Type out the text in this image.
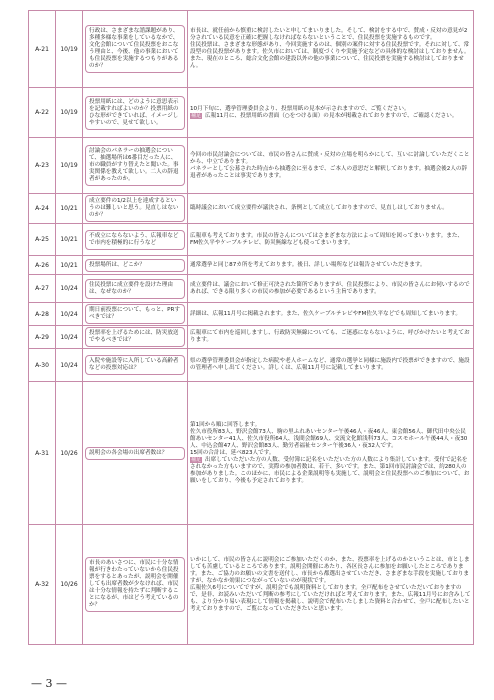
A-21	10/19	行政は、さまざまな諮課題があり、多種多様な事業をしているなかで、文化会館について住民投票をおこなう理由と、今後、他の事業においても住民投票を実施するつもりがあるのか？	市長は、就任前から慎重に検討したいと申してまいりました。そして、検討をする中で、賛成・反対の意見が2分されている民意を正確に把握しなければならないということで、住民投票を実施するものです。
住民投票は、さまざまな形態があり、今回実施するのは、個別の案件に対する住民投票です。それに対して、常設型の住民投票があります。佐久市においては、制度づくりや実施予定などの具体的な検討はしておりません。
また、現在のところ、総合文化会館の建設以外の他の事業について、住民投票を実施する検討はしておりません。

A-22	10/19	投票用紙には、どのように意思表示を記載すればよいのか？投票用紙のひな形ができていれば、イメージしやすいので、見せて欲しい。	10月下旬に、選挙管理委員会より、投票用紙の見本が示されますので、ご覧ください。
補足 広報11月に、投票用紙の書面（○をつける面）の見本が掲載されておりますので、ご確認ください。

A-23	10/19	討論会のパネラーの抽選会について、抽選場所は6番目だった人に、市の職員がすり替えたと聞いた。事実関係を教えて欲しい。二人の辞退者があったのか。	今回の市民討論会については、市民の皆さんに賛成・反対の立場を明らかにして、互いに討論していただくことから、中立であります。
パネラーとして公募された時点から抽選会に至るまで、ご本人の意思だと解釈しております。抽選会後2人の辞退者があったことは事実であります。

A-24	10/21	成立要件の1/2以上を達成するというのは難しいと思う。見直しはないのか？	臨時議会において成立要件が議決され、条例として成立しておりますので、見直しはしておりません。

A-25	10/21	不成立にならないよう、広報車などで市内を積極的に行うなど	広報車も考えております。市民の皆さんについてはさまざまな方法によって周知を図ってまいります。また、FM佐久平やケーブルテレビ、防災無線なども使ってまいります。

A-26	10/21	投票場所は、どこか？	通常選挙と同じ87カ所を考えております。後日、詳しい場所などは報告させていただきます。

A-27	10/24	住民投票に成立要件を設けた理由は、なぜなのか？	成立要件は、議会において修正可決された箇所でありますが、住民投票により、市民の皆さんにお伺いするのであれば、できる限り多くの市民の参加が必要であるという主旨であります。

A-28	10/24	期日前投票について、もっと、PRすべきでは？	詳細は、広報11月号に掲載されます。また、佐久ケーブルテレビやFM佐久平などでも周知してまいります。

A-29	10/24	投票率を上げるためには、防災放送でやるべきでは？	広報車にて市内を巡回しますし、行政防災無線についても、ご迷惑にならないように、呼びかけたいと考えております。

A-30	10/24	入院や施設等に入所している高齢者などの投票対応は？	県の選挙管理委員会が指定した病院や老人ホームなど、通常の選挙と同様に施設内で投票ができますので、施設の管理者へ申し出てください。詳しくは、広報11月号に記載してまいります。

A-31	10/26	説明会の各会場の出席者数は？	第1回から順に回答します。
佐久市役所83人、野沢会館73人、駒の里ふれあいセンター午後46人・夜46人、東会館56人、御代田中央公民館あいセンター41人、佐久市役所64人、浅間会館69人、交流文化館浅科73人、コスモホール午後44人・夜30人、中込会館47人、野沢会館83人、勤労者福祉センター午後36人・夜32人です。
15回の合計は、延べ823人です。
補足 出席していただいた方の人数、受付簿に記名をいただいた方の人数により集計しています。受付で記名をされなかった方もいますので、実際の参加者数は、若干、多いです。また、第1回市民討論会では、約280人の参加がありました。このほかに、市民による企業説明等も実施して、説明会と住民投票へのご参加について、お願いをしており、今後も予定されております。

A-32	10/26	市長のあいさつに、市民に十分な情報が行きわたっていないから住民投票をするとあったが、説明会を開催しても出席者数が少なければ、市民は十分な情報を持たずに判断することになるが、市はどう考えているのか？	いかにして、市民の皆さんに説明会にご参加いただくのか、また、投票率を上げるのかということは、市としましても苦慮しているところであります。説明会開催にあたり、各区長さんに参加をお願いしたところであります。また、ご協力のお願いの文書を送付し、市長から都選出させていただき、さまざまな手段を実施しておりますが、なかなか効果につながっていないのが現状です。
広報佐久6号についてですが、説明会でも説明資料としております。全戸配布をさせていただいておりますので、是非、お読みいただいて判断の参考にしていただければと考えております。また、広報11月号にお含みしても、より分かり易い表現にして情報を掲載し、説明会で配布いたしました資料と合わせて、全戸に配布したいと考えておりますので、ご覧になっていただきたいと思います。
— 3 —
